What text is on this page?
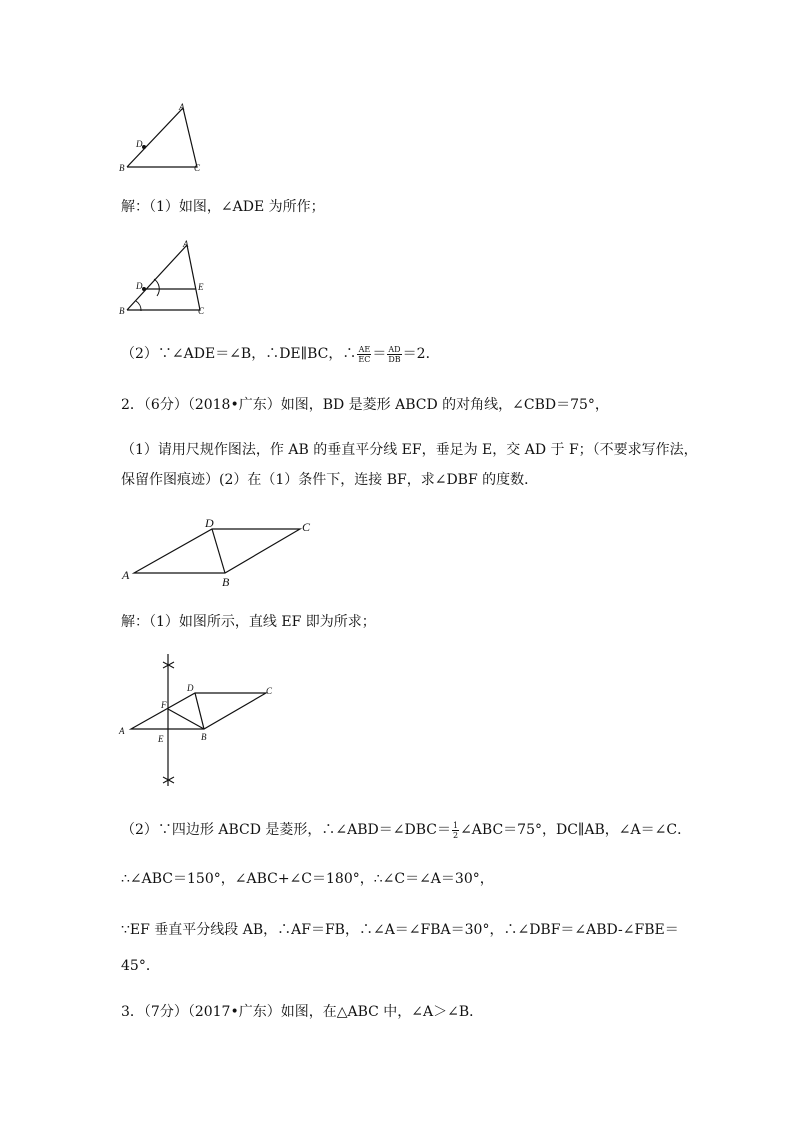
A
B	C
D
解：（1）如图，∠ADE 为所作；
A
B	C
D	E
（2）∵∠ADE＝∠B，∴DE∥BC，∴ $\frac{AE}{EC} = \frac{AD}{DB} =2$．
2．（6分）（2018•广东）如图，BD 是菱形 ABCD 的对角线，∠CBD＝75°，
（1）请用尺规作图法，作 AB 的垂直平分线 EF，垂足为 E，交 AD 于 F；（不要求写作法，
保留作图痕迹）(2）在（1）条件下，连接 BF，求∠DBF 的度数．
A	B
C
D
解：（1）如图所示，直线 EF 即为所求；
A
B
C
D
E
F
（2）∵四边形 ABCD 是菱形，∴∠ABD＝∠DBC＝ $\frac{1}{2}$ ∠ABC＝75°，DC∥AB，∠A＝∠C．
∴∠ABC＝150°，∠ABC+∠C＝180°，∴∠C＝∠A＝30°，
∵EF 垂直平分线段 AB，∴AF＝FB，∴∠A＝∠FBA＝30°，∴∠DBF＝∠ABD-∠FBE＝
45°．
3．（7分）（2017•广东）如图，在△ABC 中，∠A＞∠B．
